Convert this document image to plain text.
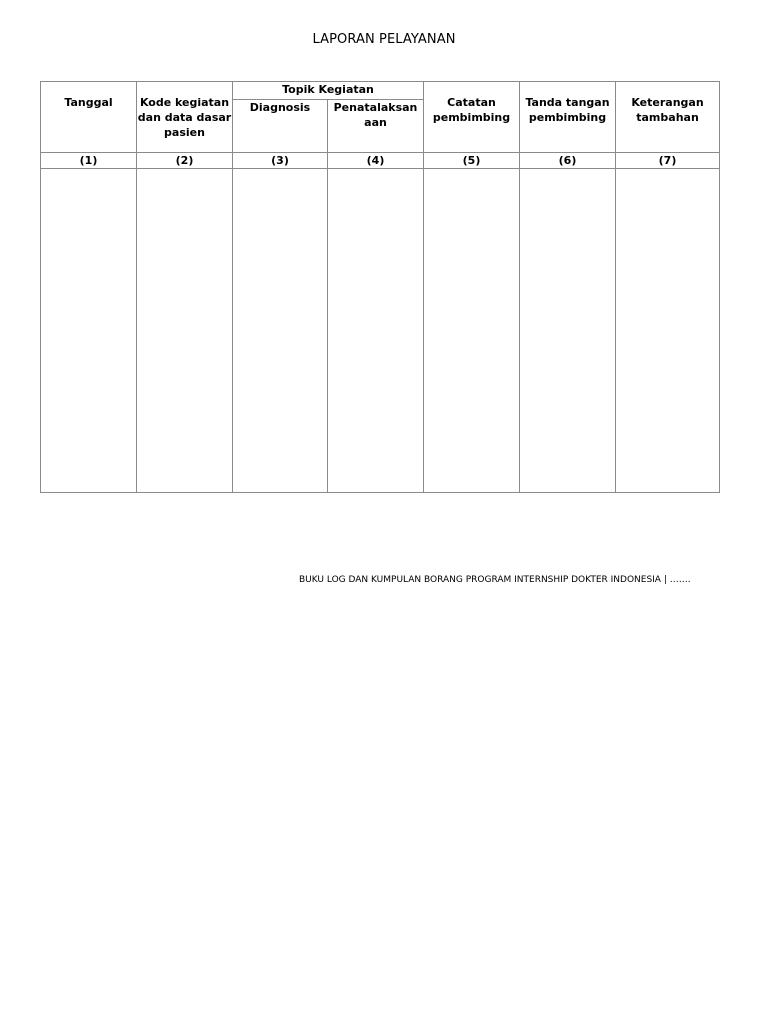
LAPORAN PELAYANAN
Tanggal	Kode kegiatan dan data dasar pasien	Topik Kegiatan		Catatan pembimbing	Tanda tangan pembimbing	Keterangan tambahan
		Diagnosis	Penatalaksan aan			
(1)	(2)	(3)	(4)	(5)	(6)	(7)

BUKU LOG DAN KUMPULAN BORANG PROGRAM INTERNSHIP DOKTER INDONESIA | …….
